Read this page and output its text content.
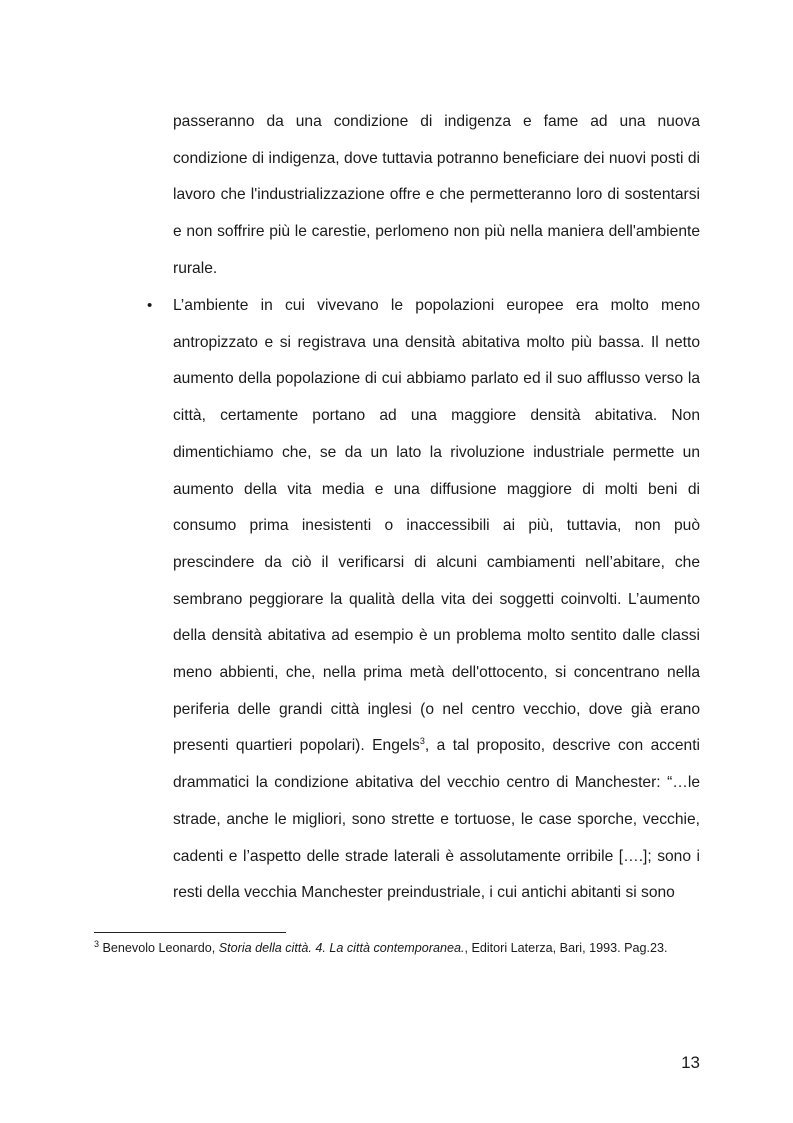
passeranno da una condizione di indigenza e fame ad una nuova condizione di indigenza, dove tuttavia potranno beneficiare dei nuovi posti di lavoro che l'industrializzazione offre e che permetteranno loro di sostentarsi e non soffrire più le carestie, perlomeno non più nella maniera dell'ambiente rurale.

• L’ambiente in cui vivevano le popolazioni europee era molto meno antropizzato e si registrava una densità abitativa molto più bassa. Il netto aumento della popolazione di cui abbiamo parlato ed il suo afflusso verso la città, certamente portano ad una maggiore densità abitativa. Non dimentichiamo che, se da un lato la rivoluzione industriale permette un aumento della vita media e una diffusione maggiore di molti beni di consumo prima inesistenti o inaccessibili ai più, tuttavia, non può prescindere da ciò il verificarsi di alcuni cambiamenti nell’abitare, che sembrano peggiorare la qualità della vita dei soggetti coinvolti. L’aumento della densità abitativa ad esempio è un problema molto sentito dalle classi meno abbienti, che, nella prima metà dell'ottocento, si concentrano nella periferia delle grandi città inglesi (o nel centro vecchio, dove già erano presenti quartieri popolari). Engels$^3$, a tal proposito, descrive con accenti drammatici la condizione abitativa del vecchio centro di Manchester: “…le strade, anche le migliori, sono strette e tortuose, le case sporche, vecchie, cadenti e l’aspetto delle strade laterali è assolutamente orribile [….]; sono i resti della vecchia Manchester preindustriale, i cui antichi abitanti si sono

$^3$ Benevolo Leonardo, Storia della città. 4. La città contemporanea., Editori Laterza, Bari, 1993. Pag.23.

13
